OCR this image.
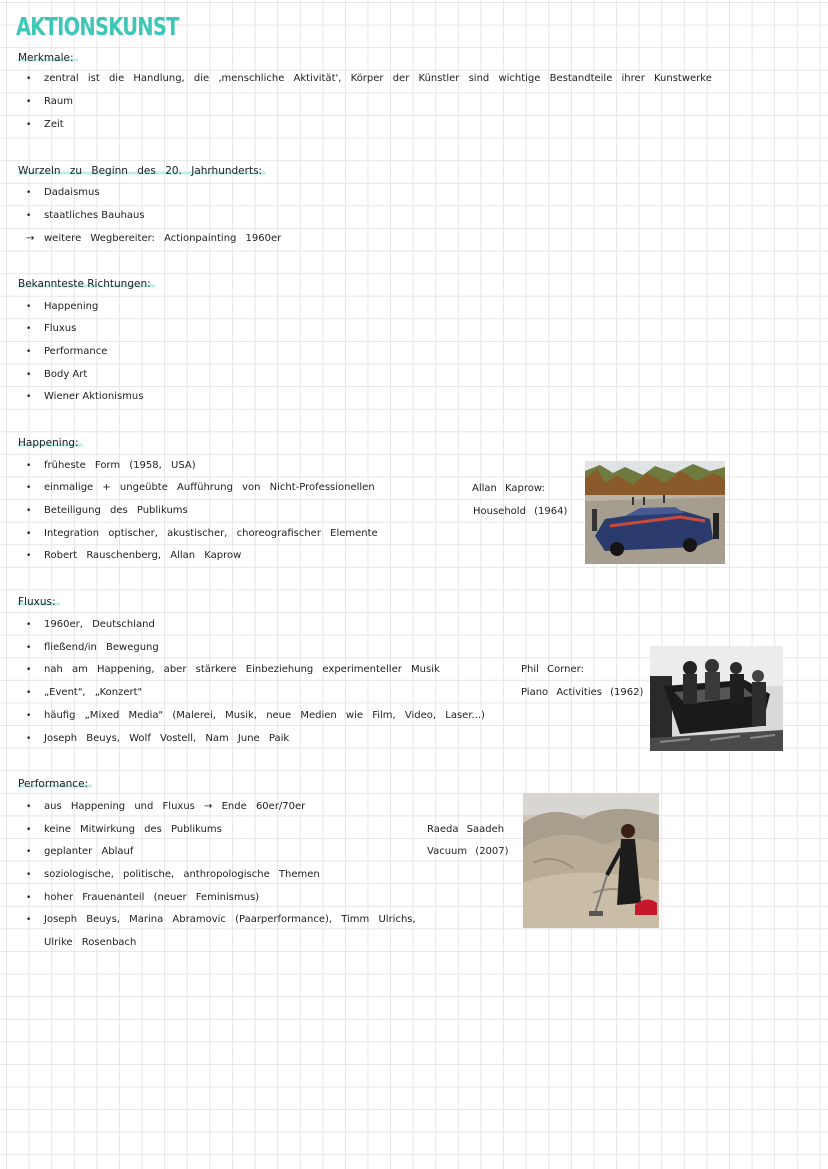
AKTIONSKUNST
Merkmale:
• zentral ist die Handlung, die ‚menschliche Aktivität', Körper der Künstler sind wichtige Bestandteile ihrer Kunstwerke
• Raum
• Zeit
Wurzeln zu Beginn des 20. Jahrhunderts:
• Dadaismus
• staatliches Bauhaus
→ weitere Wegbereiter: Actionpainting 1960er
Bekannteste Richtungen:
• Happening
• Fluxus
• Performance
• Body Art
• Wiener Aktionismus
Happening:
• früheste Form (1958, USA)
• einmalige + ungeübte Aufführung von Nicht-Professionellen
• Beteiligung des Publikums
• Integration optischer, akustischer, choreografischer Elemente
• Robert Rauschenberg, Allan Kaprow
Allan Kaprow:
Household (1964)
Fluxus:
• 1960er, Deutschland
• fließend/in Bewegung
• nah am Happening, aber stärkere Einbeziehung experimenteller Musik
• „Event", „Konzert"
• häufig „Mixed Media" (Malerei, Musik, neue Medien wie Film, Video, Laser...)
• Joseph Beuys, Wolf Vostell, Nam June Paik
Phil Corner:
Piano Activities (1962)
Performance:
• aus Happening und Fluxus → Ende 60er/70er
• keine Mitwirkung des Publikums
• geplanter Ablauf
• soziologische, politische, anthropologische Themen
• hoher Frauenanteil (neuer Feminismus)
• Joseph Beuys, Marina Abramovic (Paarperformance), Timm Ulrichs,
Ulrike Rosenbach
Raeda Saadeh
Vacuum (2007)
